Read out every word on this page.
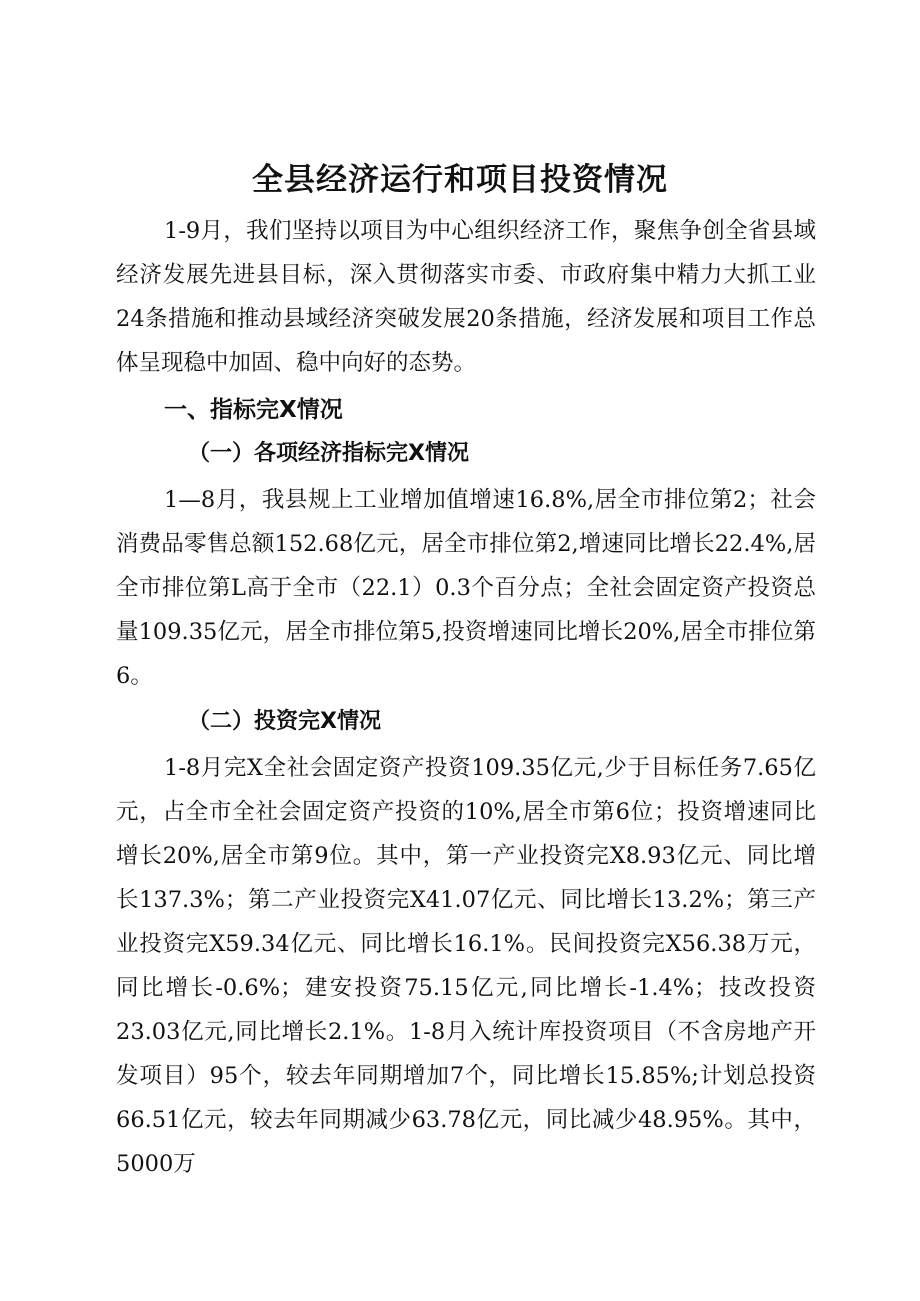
全县经济运行和项目投资情况

1-9月，我们坚持以项目为中心组织经济工作，聚焦争创全省县域经济发展先进县目标，深入贯彻落实市委、市政府集中精力大抓工业24条措施和推动县域经济突破发展20条措施，经济发展和项目工作总体呈现稳中加固、稳中向好的态势。

一、指标完X情况
（一）各项经济指标完X情况

1—8月，我县规上工业增加值增速16.8%,居全市排位第2；社会消费品零售总额152.68亿元，居全市排位第2,增速同比增长22.4%,居全市排位第L高于全市（22.1）0.3个百分点；全社会固定资产投资总量109.35亿元，居全市排位第5,投资增速同比增长20%,居全市排位第6。

（二）投资完X情况

1-8月完X全社会固定资产投资109.35亿元,少于目标任务7.65亿元，占全市全社会固定资产投资的10%,居全市第6位；投资增速同比增长20%,居全市第9位。其中，第一产业投资完X8.93亿元、同比增长137.3%；第二产业投资完X41.07亿元、同比增长13.2%；第三产业投资完X59.34亿元、同比增长16.1%。民间投资完X56.38万元，同比增长-0.6%；建安投资75.15亿元,同比增长-1.4%；技改投资23.03亿元,同比增长2.1%。1-8月入统计库投资项目（不含房地产开发项目）95个，较去年同期增加7个，同比增长15.85%;计划总投资66.51亿元，较去年同期减少63.78亿元，同比减少48.95%。其中，5000万
